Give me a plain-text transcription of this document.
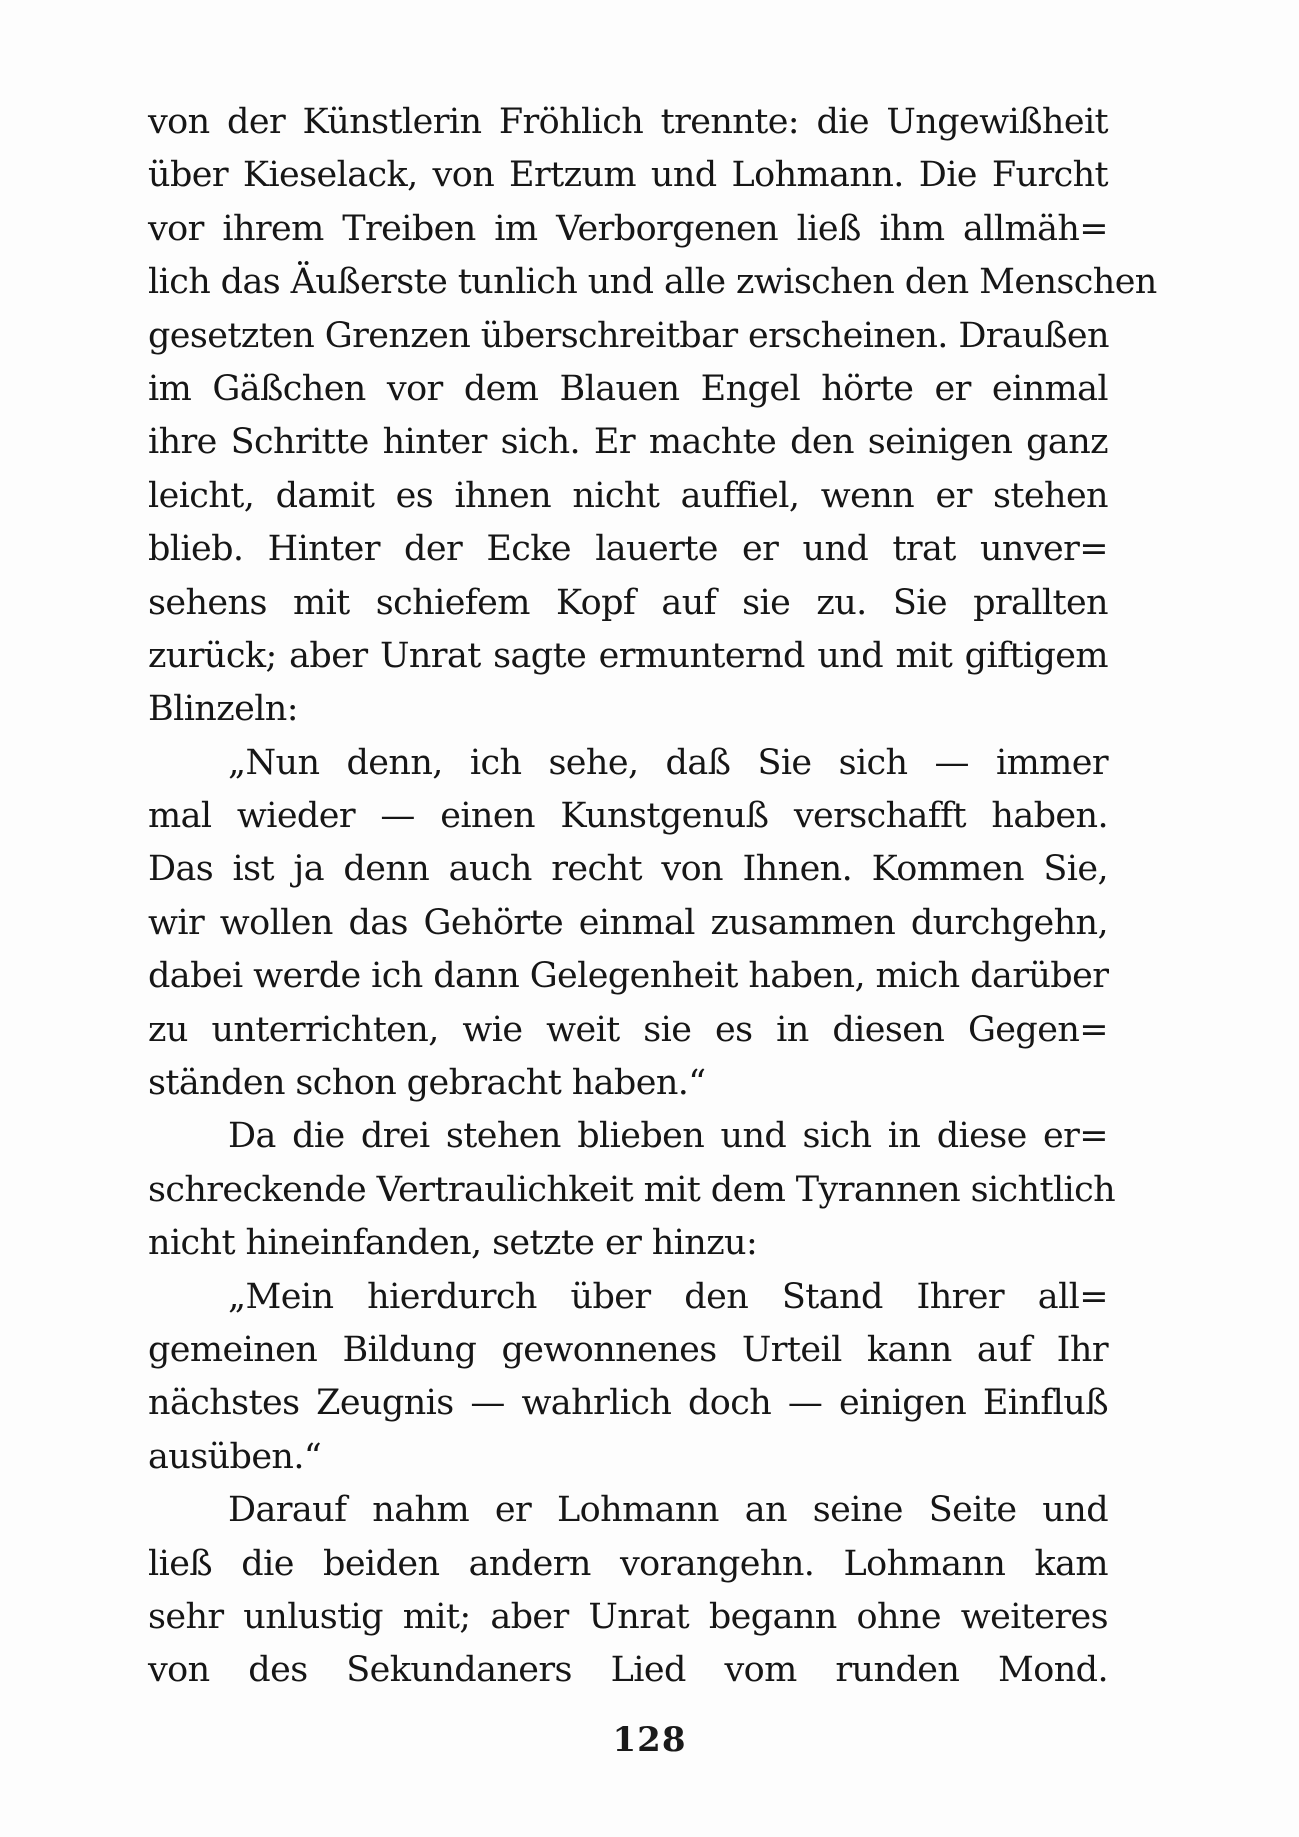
von der Künstlerin Fröhlich trennte: die Ungewißheit
über Kieselack, von Ertzum und Lohmann. Die Furcht
vor ihrem Treiben im Verborgenen ließ ihm allmäh=
lich das Äußerste tunlich und alle zwischen den Menschen
gesetzten Grenzen überschreitbar erscheinen. Draußen
im Gäßchen vor dem Blauen Engel hörte er einmal
ihre Schritte hinter sich. Er machte den seinigen ganz
leicht, damit es ihnen nicht auffiel, wenn er stehen
blieb. Hinter der Ecke lauerte er und trat unver=
sehens mit schiefem Kopf auf sie zu. Sie prallten
zurück; aber Unrat sagte ermunternd und mit giftigem
Blinzeln:
„Nun denn, ich sehe, daß Sie sich — immer
mal wieder — einen Kunstgenuß verschafft haben.
Das ist ja denn auch recht von Ihnen. Kommen Sie,
wir wollen das Gehörte einmal zusammen durchgehn,
dabei werde ich dann Gelegenheit haben, mich darüber
zu unterrichten, wie weit sie es in diesen Gegen=
ständen schon gebracht haben.“
Da die drei stehen blieben und sich in diese er=
schreckende Vertraulichkeit mit dem Tyrannen sichtlich
nicht hineinfanden, setzte er hinzu:
„Mein hierdurch über den Stand Ihrer all=
gemeinen Bildung gewonnenes Urteil kann auf Ihr
nächstes Zeugnis — wahrlich doch — einigen Einfluß
ausüben.“
Darauf nahm er Lohmann an seine Seite und
ließ die beiden andern vorangehn. Lohmann kam
sehr unlustig mit; aber Unrat begann ohne weiteres
von des Sekundaners Lied vom runden Mond.
128
